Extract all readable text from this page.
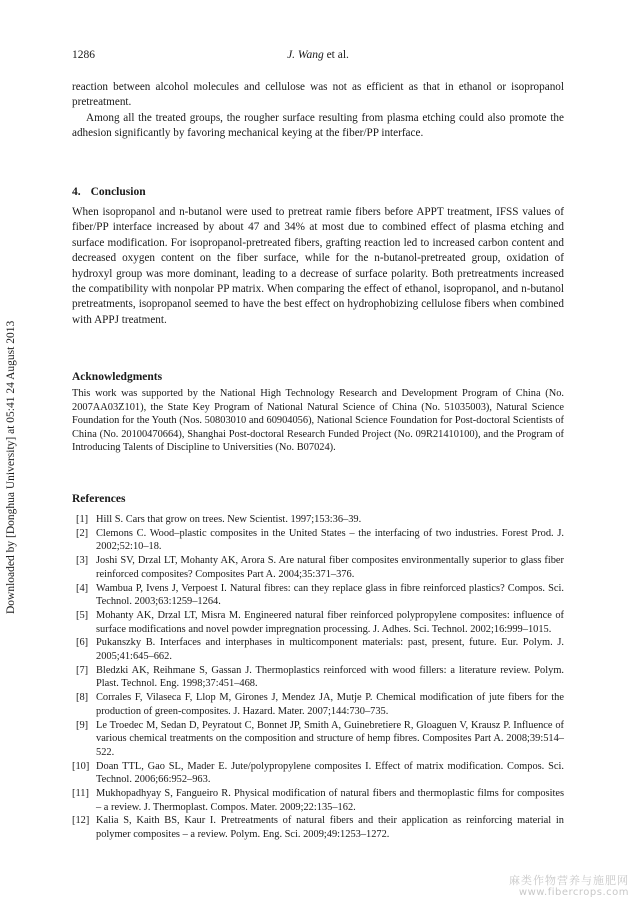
1286	J. Wang et al.
Downloaded by [Donghua University] at 05:41 24 August 2013

reaction between alcohol molecules and cellulose was not as efficient as that in ethanol or isopropanol pretreatment.

Among all the treated groups, the rougher surface resulting from plasma etching could also promote the adhesion significantly by favoring mechanical keying at the fiber/PP interface.

4. Conclusion

When isopropanol and n-butanol were used to pretreat ramie fibers before APPT treatment, IFSS values of fiber/PP interface increased by about 47 and 34% at most due to combined effect of plasma etching and surface modification. For isopropanol-pretreated fibers, grafting reaction led to increased carbon content and decreased oxygen content on the fiber surface, while for the n-butanol-pretreated group, oxidation of hydroxyl group was more dominant, leading to a decrease of surface polarity. Both pretreatments increased the compatibility with nonpolar PP matrix. When comparing the effect of ethanol, isopropanol, and n-butanol pretreatments, isopropanol seemed to have the best effect on hydrophobizing cellulose fibers when combined with APPJ treatment.

Acknowledgments

This work was supported by the National High Technology Research and Development Program of China (No. 2007AA03Z101), the State Key Program of National Natural Science of China (No. 51035003), Natural Science Foundation for the Youth (Nos. 50803010 and 60904056), National Science Foundation for Post-doctoral Scientists of China (No. 20100470664), Shanghai Post-doctoral Research Funded Project (No. 09R21410100), and the Program of Introducing Talents of Discipline to Universities (No. B07024).

References
[1] Hill S. Cars that grow on trees. New Scientist. 1997;153:36–39.
[2] Clemons C. Wood–plastic composites in the United States – the interfacing of two industries. Forest Prod. J. 2002;52:10–18.
[3] Joshi SV, Drzal LT, Mohanty AK, Arora S. Are natural fiber composites environmentally superior to glass fiber reinforced composites? Composites Part A. 2004;35:371–376.
[4] Wambua P, Ivens J, Verpoest I. Natural fibres: can they replace glass in fibre reinforced plastics? Compos. Sci. Technol. 2003;63:1259–1264.
[5] Mohanty AK, Drzal LT, Misra M. Engineered natural fiber reinforced polypropylene composites: influence of surface modifications and novel powder impregnation processing. J. Adhes. Sci. Technol. 2002;16:999–1015.
[6] Pukanszky B. Interfaces and interphases in multicomponent materials: past, present, future. Eur. Polym. J. 2005;41:645–662.
[7] Bledzki AK, Reihmane S, Gassan J. Thermoplastics reinforced with wood fillers: a literature review. Polym. Plast. Technol. Eng. 1998;37:451–468.
[8] Corrales F, Vilaseca F, Llop M, Girones J, Mendez JA, Mutje P. Chemical modification of jute fibers for the production of green-composites. J. Hazard. Mater. 2007;144:730–735.
[9] Le Troedec M, Sedan D, Peyratout C, Bonnet JP, Smith A, Guinebretiere R, Gloaguen V, Krausz P. Influence of various chemical treatments on the composition and structure of hemp fibres. Composites Part A. 2008;39:514–522.
[10] Doan TTL, Gao SL, Mader E. Jute/polypropylene composites I. Effect of matrix modification. Compos. Sci. Technol. 2006;66:952–963.
[11] Mukhopadhyay S, Fangueiro R. Physical modification of natural fibers and thermoplastic films for composites – a review. J. Thermoplast. Compos. Mater. 2009;22:135–162.
[12] Kalia S, Kaith BS, Kaur I. Pretreatments of natural fibers and their application as reinforcing material in polymer composites – a review. Polym. Eng. Sci. 2009;49:1253–1272.
麻类作物营养与施肥网
www.fibercrops.com
